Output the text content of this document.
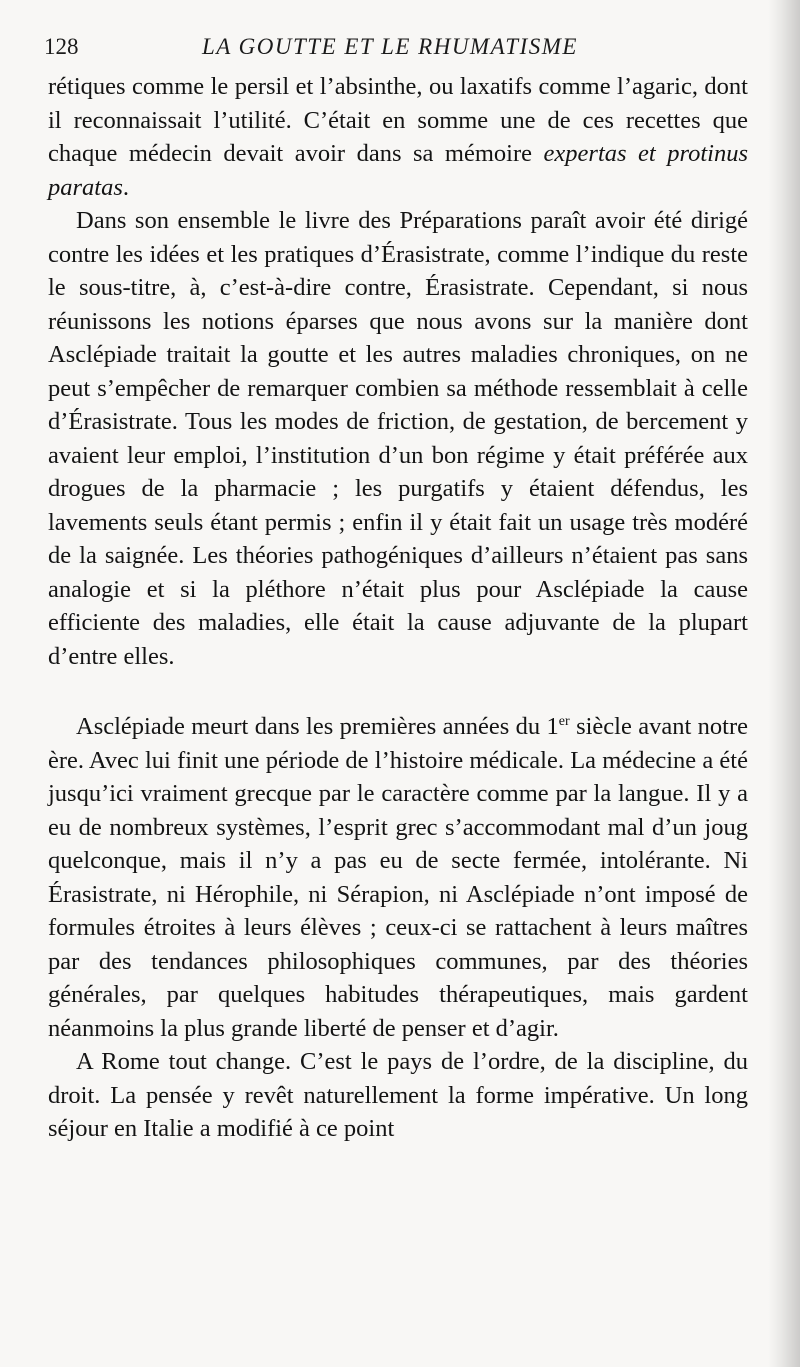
128	LA GOUTTE ET LE RHUMATISME

rétiques comme le persil et l’absinthe, ou laxatifs comme l’agaric, dont il reconnaissait l’utilité. C’était en somme une de ces recettes que chaque médecin devait avoir dans sa mémoire expertas et protinus paratas.

Dans son ensemble le livre des Préparations paraît avoir été dirigé contre les idées et les pratiques d’Érasistrate, comme l’indique du reste le sous-titre, à, c’est-à-dire contre, Érasistrate. Cependant, si nous réunissons les notions éparses que nous avons sur la manière dont Asclépiade traitait la goutte et les autres maladies chroniques, on ne peut s’empêcher de remarquer combien sa méthode ressemblait à celle d’Érasistrate. Tous les modes de friction, de gestation, de bercement y avaient leur emploi, l’institution d’un bon régime y était préférée aux drogues de la pharmacie ; les purgatifs y étaient défendus, les lavements seuls étant permis ; enfin il y était fait un usage très modéré de la saignée. Les théories pathogéniques d’ailleurs n’étaient pas sans analogie et si la pléthore n’était plus pour Asclépiade la cause efficiente des maladies, elle était la cause adjuvante de la plupart d’entre elles.

Asclépiade meurt dans les premières années du 1er siècle avant notre ère. Avec lui finit une période de l’histoire médicale. La médecine a été jusqu’ici vraiment grecque par le caractère comme par la langue. Il y a eu de nombreux systèmes, l’esprit grec s’accommodant mal d’un joug quelconque, mais il n’y a pas eu de secte fermée, intolérante. Ni Érasistrate, ni Hérophile, ni Sérapion, ni Asclépiade n’ont imposé de formules étroites à leurs élèves ; ceux-ci se rattachent à leurs maîtres par des tendances philosophiques communes, par des théories générales, par quelques habitudes thérapeutiques, mais gardent néanmoins la plus grande liberté de penser et d’agir.

A Rome tout change. C’est le pays de l’ordre, de la discipline, du droit. La pensée y revêt naturellement la forme impérative. Un long séjour en Italie a modifié à ce point
